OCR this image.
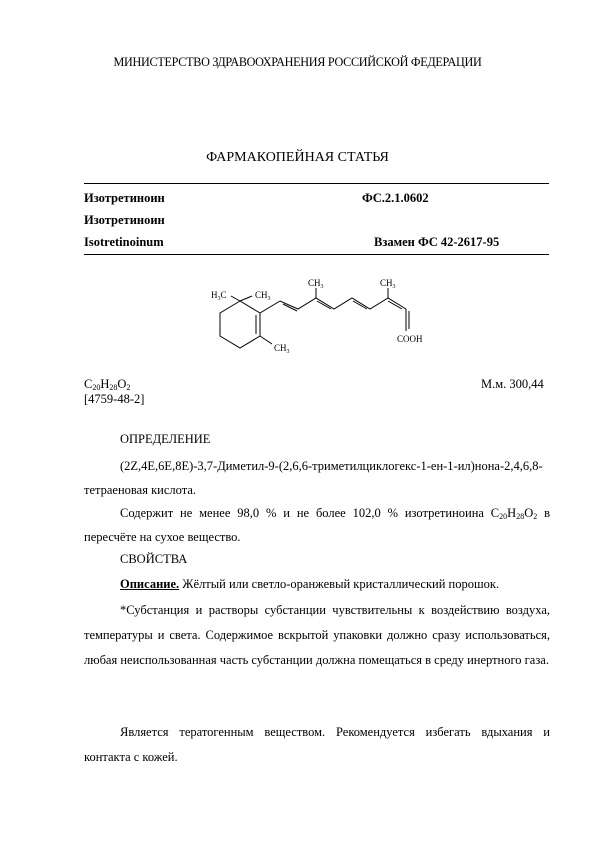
МИНИСТЕРСТВО ЗДРАВООХРАНЕНИЯ РОССИЙСКОЙ ФЕДЕРАЦИИ
ФАРМАКОПЕЙНАЯ СТАТЬЯ
Изотретиноин	ФС.2.1.0602
Изотретиноин
Isotretinoinum	Взамен ФС 42-2617-95
$H_3C$	$CH_3$
$CH_3$
$CH_3$	$CH_3$
COOH
$C_{20}H_{28}O_2$	М.м. 300,44
[4759-48-2]
ОПРЕДЕЛЕНИЕ
(2Z,4E,6E,8E)-3,7-Диметил-9-(2,6,6-триметилциклогекс-1-ен-1-ил)нона-2,4,6,8-тетраеновая кислота.
Содержит не менее 98,0 % и не более 102,0 % изотретиноина $C_{20}H_{28}O_2$ в пересчёте на сухое вещество.
СВОЙСТВА
Описание. Жёлтый или светло-оранжевый кристаллический порошок.
*Субстанция и растворы субстанции чувствительны к воздействию воздуха, температуры и света. Содержимое вскрытой упаковки должно сразу использоваться, любая неиспользованная часть субстанции должна помещаться в среду инертного газа.
Является тератогенным веществом. Рекомендуется избегать вдыхания и контакта с кожей.
